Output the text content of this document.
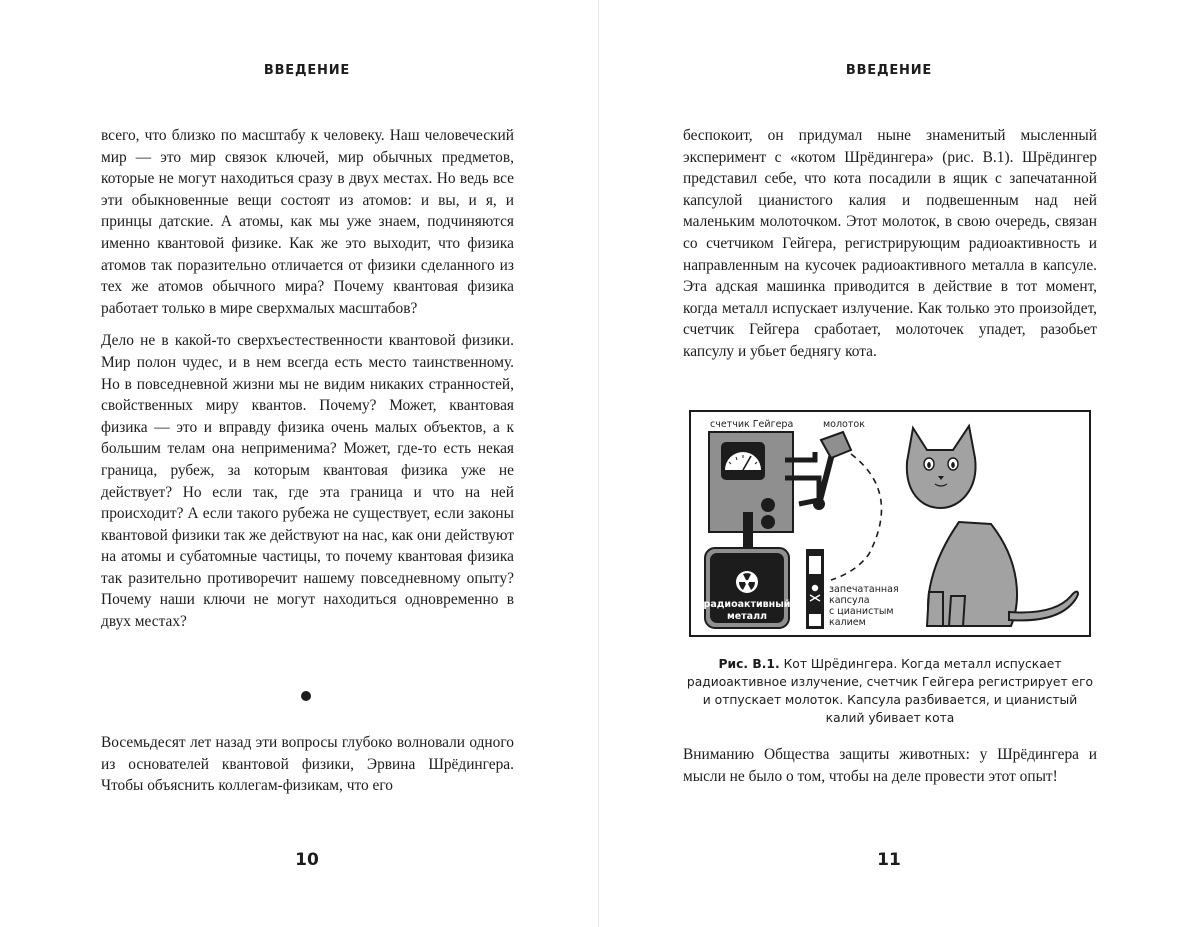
ВВЕДЕНИЕ

всего, что близко по масштабу к человеку. Наш человеческий мир — это мир связок ключей, мир обычных предметов, которые не могут находиться сразу в двух местах. Но ведь все эти обыкновенные вещи состоят из атомов: и вы, и я, и принцы датские. А атомы, как мы уже знаем, подчиняются именно квантовой физике. Как же это выходит, что физика атомов так поразительно отличается от физики сделанного из тех же атомов обычного мира? Почему квантовая физика работает только в мире сверхмалых масштабов?

Дело не в какой-то сверхъестественности квантовой физики. Мир полон чудес, и в нем всегда есть место таинственному. Но в повседневной жизни мы не видим никаких странностей, свойственных миру квантов. Почему? Может, квантовая физика — это и вправду физика очень малых объектов, а к большим телам она неприменима? Может, где-то есть некая граница, рубеж, за которым квантовая физика уже не действует? Но если так, где эта граница и что на ней происходит? А если такого рубежа не существует, если законы квантовой физики так же действуют на нас, как они действуют на атомы и субатомные частицы, то почему квантовая физика так разительно противоречит нашему повседневному опыту? Почему наши ключи не могут находиться одновременно в двух местах?

Восемьдесят лет назад эти вопросы глубоко волновали одного из основателей квантовой физики, Эрвина Шрёдингера. Чтобы объяснить коллегам-физикам, что его

10
ВВЕДЕНИЕ

беспокоит, он придумал ныне знаменитый мысленный эксперимент с «котом Шрёдингера» (рис. В.1). Шрёдингер представил себе, что кота посадили в ящик с запечатанной капсулой цианистого калия и подвешенным над ней маленьким молоточком. Этот молоток, в свою очередь, связан со счетчиком Гейгера, регистрирующим радиоактивность и направленным на кусочек радиоактивного металла в капсуле. Эта адская машинка приводится в действие в тот момент, когда металл испускает излучение. Как только это произойдет, счетчик Гейгера сработает, молоточек упадет, разобьет капсулу и убьет беднягу кота.

счетчик Гейгера	молоток
радиоактивный
металл
запечатанная
капсула
с цианистым
калием
Рис. В.1. Кот Шрёдингера. Когда металл испускает радиоактивное излучение, счетчик Гейгера регистрирует его и отпускает молоток. Капсула разбивается, и цианистый калий убивает кота

Вниманию Общества защиты животных: у Шрёдингера и мысли не было о том, чтобы на деле провести этот опыт!

11
